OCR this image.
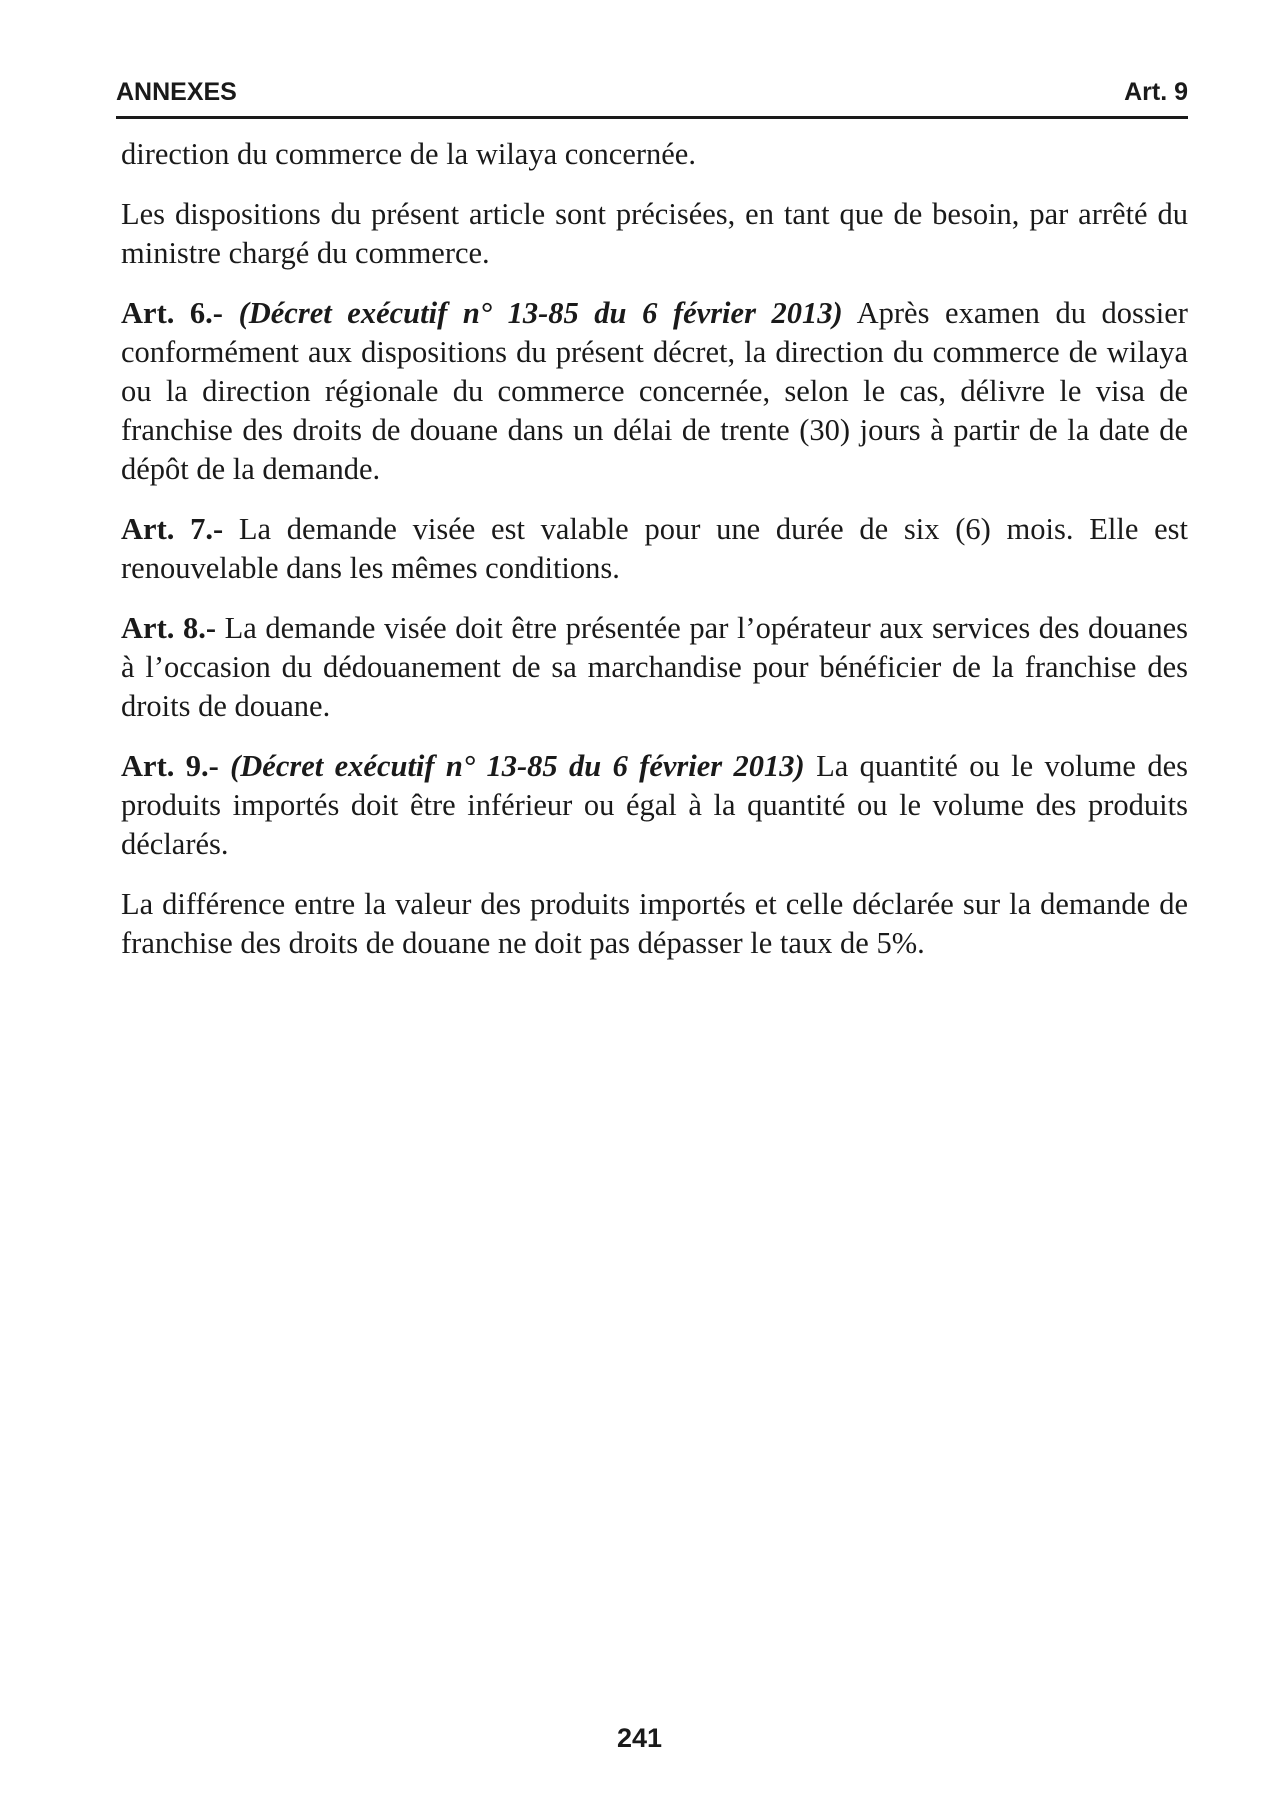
ANNEXES	Art. 9

direction du commerce de la wilaya concernée.

Les dispositions du présent article sont précisées, en tant que de besoin, par arrêté du ministre chargé du commerce.

Art. 6.- (Décret exécutif n° 13-85 du 6 février 2013) Après examen du dossier conformément aux dispositions du présent décret, la direction du commerce de wilaya ou la direction régionale du commerce concernée, selon le cas, délivre le visa de franchise des droits de douane dans un délai de trente (30) jours à partir de la date de dépôt de la demande.

Art. 7.- La demande visée est valable pour une durée de six (6) mois. Elle est renouvelable dans les mêmes conditions.

Art. 8.- La demande visée doit être présentée par l’opérateur aux services des douanes à l’occasion du dédouanement de sa marchandise pour bénéficier de la franchise des droits de douane.

Art. 9.- (Décret exécutif n° 13-85 du 6 février 2013) La quantité ou le volume des produits importés doit être inférieur ou égal à la quantité ou le volume des produits déclarés.

La différence entre la valeur des produits importés et celle déclarée sur la demande de franchise des droits de douane ne doit pas dépasser le taux de 5%.

241
